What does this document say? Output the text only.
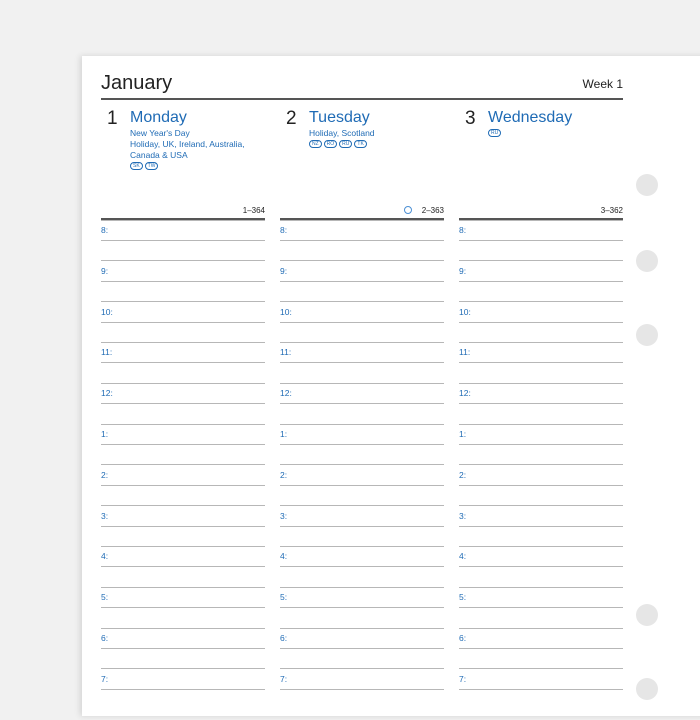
January	Week 1
1 Monday
New Year's Day
Holiday, UK, Ireland, Australia,
Canada & USA
SK	TW
1–364
8:
9:
10:
11:
12:
1:
2:
3:
4:
5:
6:
7:
2 Tuesday
Holiday, Scotland
NZ	RO	RU	TK
2–363
8:
9:
10:
11:
12:
1:
2:
3:
4:
5:
6:
7:
3 Wednesday
RU
3–362
8:
9:
10:
11:
12:
1:
2:
3:
4:
5:
6:
7:
